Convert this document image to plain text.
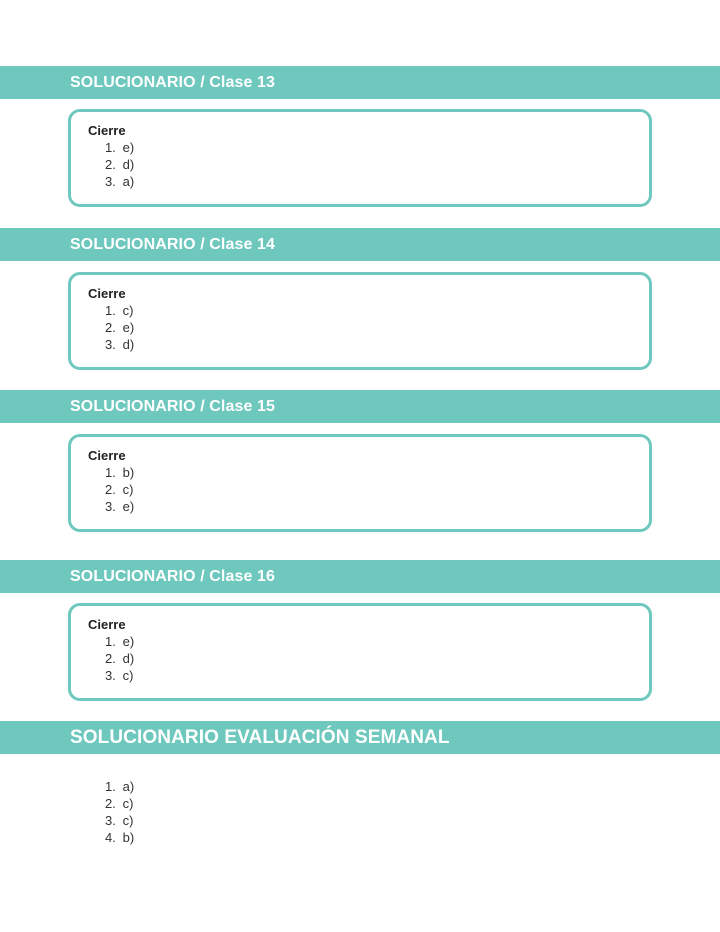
SOLUCIONARIO / Clase 13
Cierre
1. e)
2. d)
3. a)
SOLUCIONARIO / Clase 14
Cierre
1. c)
2. e)
3. d)
SOLUCIONARIO / Clase 15
Cierre
1. b)
2. c)
3. e)
SOLUCIONARIO / Clase 16
Cierre
1. e)
2. d)
3. c)
SOLUCIONARIO EVALUACIÓN SEMANAL
1. a)
2. c)
3. c)
4. b)
